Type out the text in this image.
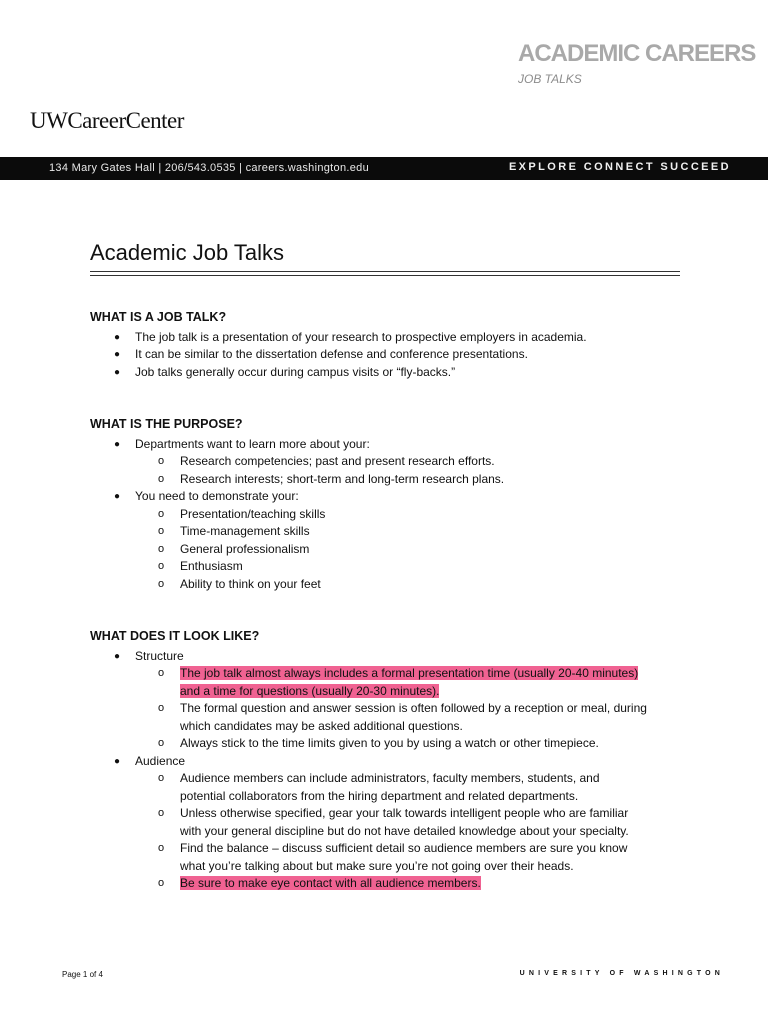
ACADEMIC CAREERS
JOB TALKS
UWCareerCenter
134 Mary Gates Hall | 206/543.0535 | careers.washington.edu	EXPLORE CONNECT SUCCEED
Academic Job Talks
WHAT IS A JOB TALK?
● The job talk is a presentation of your research to prospective employers in academia.
● It can be similar to the dissertation defense and conference presentations.
● Job talks generally occur during campus visits or “fly-backs.”
WHAT IS THE PURPOSE?
● Departments want to learn more about your:
o Research competencies; past and present research efforts.
o Research interests; short-term and long-term research plans.
● You need to demonstrate your:
o Presentation/teaching skills
o Time-management skills
o General professionalism
o Enthusiasm
o Ability to think on your feet
WHAT DOES IT LOOK LIKE?
● Structure
o The job talk almost always includes a formal presentation time (usually 20-40 minutes)
and a time for questions (usually 20-30 minutes).
o The formal question and answer session is often followed by a reception or meal, during
which candidates may be asked additional questions.
o Always stick to the time limits given to you by using a watch or other timepiece.
● Audience
o Audience members can include administrators, faculty members, students, and
potential collaborators from the hiring department and related departments.
o Unless otherwise specified, gear your talk towards intelligent people who are familiar
with your general discipline but do not have detailed knowledge about your specialty.
o Find the balance – discuss sufficient detail so audience members are sure you know
what you’re talking about but make sure you’re not going over their heads.
o Be sure to make eye contact with all audience members.
Page 1 of 4	UNIVERSITY OF WASHINGTON
